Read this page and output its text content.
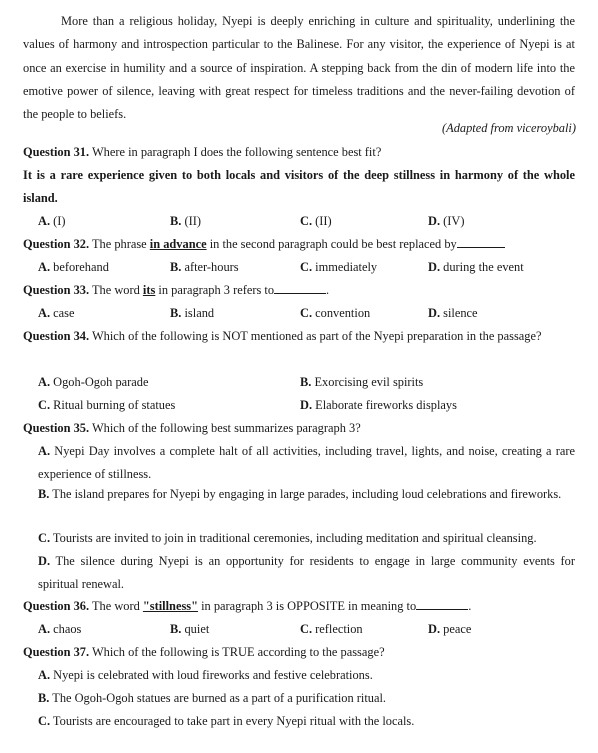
More than a religious holiday, Nyepi is deeply enriching in culture and spirituality, underlining the values of harmony and introspection particular to the Balinese. For any visitor, the experience of Nyepi is at once an exercise in humility and a source of inspiration. A stepping back from the din of modern life into the emotive power of silence, leaving with great respect for timeless traditions and the never-failing devotion of the people to beliefs.
(Adapted from viceroybali)
Question 31. Where in paragraph I does the following sentence best fit?
It is a rare experience given to both locals and visitors of the deep stillness in harmony of the whole island.
A. (I)	B. (II)	C. (II)	D. (IV)
Question 32. The phrase in advance in the second paragraph could be best replaced by
A. beforehand	B. after-hours	C. immediately	D. during the event
Question 33. The word its in paragraph 3 refers to	.
A. case	B. island	C. convention	D. silence
Question 34. Which of the following is NOT mentioned as part of the Nyepi preparation in the passage?
A. Ogoh-Ogoh parade	B. Exorcising evil spirits
C. Ritual burning of statues	D. Elaborate fireworks displays
Question 35. Which of the following best summarizes paragraph 3?
A. Nyepi Day involves a complete halt of all activities, including travel, lights, and noise, creating a rare experience of stillness.
B. The island prepares for Nyepi by engaging in large parades, including loud celebrations and fireworks.
C. Tourists are invited to join in traditional ceremonies, including meditation and spiritual cleansing.
D. The silence during Nyepi is an opportunity for residents to engage in large community events for spiritual renewal.
Question 36. The word "stillness" in paragraph 3 is OPPOSITE in meaning to	.
A. chaos	B. quiet	C. reflection	D. peace
Question 37. Which of the following is TRUE according to the passage?
A. Nyepi is celebrated with loud fireworks and festive celebrations.
B. The Ogoh-Ogoh statues are burned as a part of a purification ritual.
C. Tourists are encouraged to take part in every Nyepi ritual with the locals.
